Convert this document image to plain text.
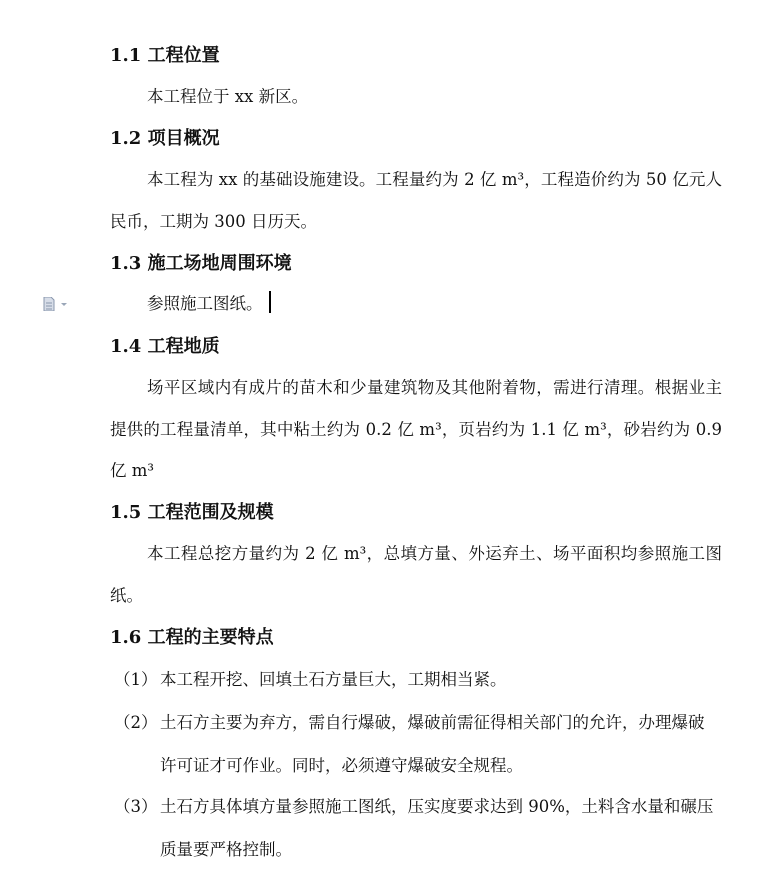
1.1 工程位置
本工程位于 xx 新区。
1.2 项目概况
本工程为 xx 的基础设施建设。工程量约为 2 亿 m³，工程造价约为 50 亿元人民币，工期为 300 日历天。
1.3 施工场地周围环境
参照施工图纸。
1.4 工程地质
场平区域内有成片的苗木和少量建筑物及其他附着物，需进行清理。根据业主提供的工程量清单，其中粘土约为 0.2 亿 m³，页岩约为 1.1 亿 m³，砂岩约为 0.9 亿 m³
1.5 工程范围及规模
本工程总挖方量约为 2 亿 m³，总填方量、外运弃土、场平面积均参照施工图纸。
1.6 工程的主要特点
（1） 本工程开挖、回填土石方量巨大，工期相当紧。
（2） 土石方主要为弃方，需自行爆破，爆破前需征得相关部门的允许，办理爆破许可证才可作业。同时，必须遵守爆破安全规程。
（3） 土石方具体填方量参照施工图纸，压实度要求达到 90%，土料含水量和碾压质量要严格控制。
